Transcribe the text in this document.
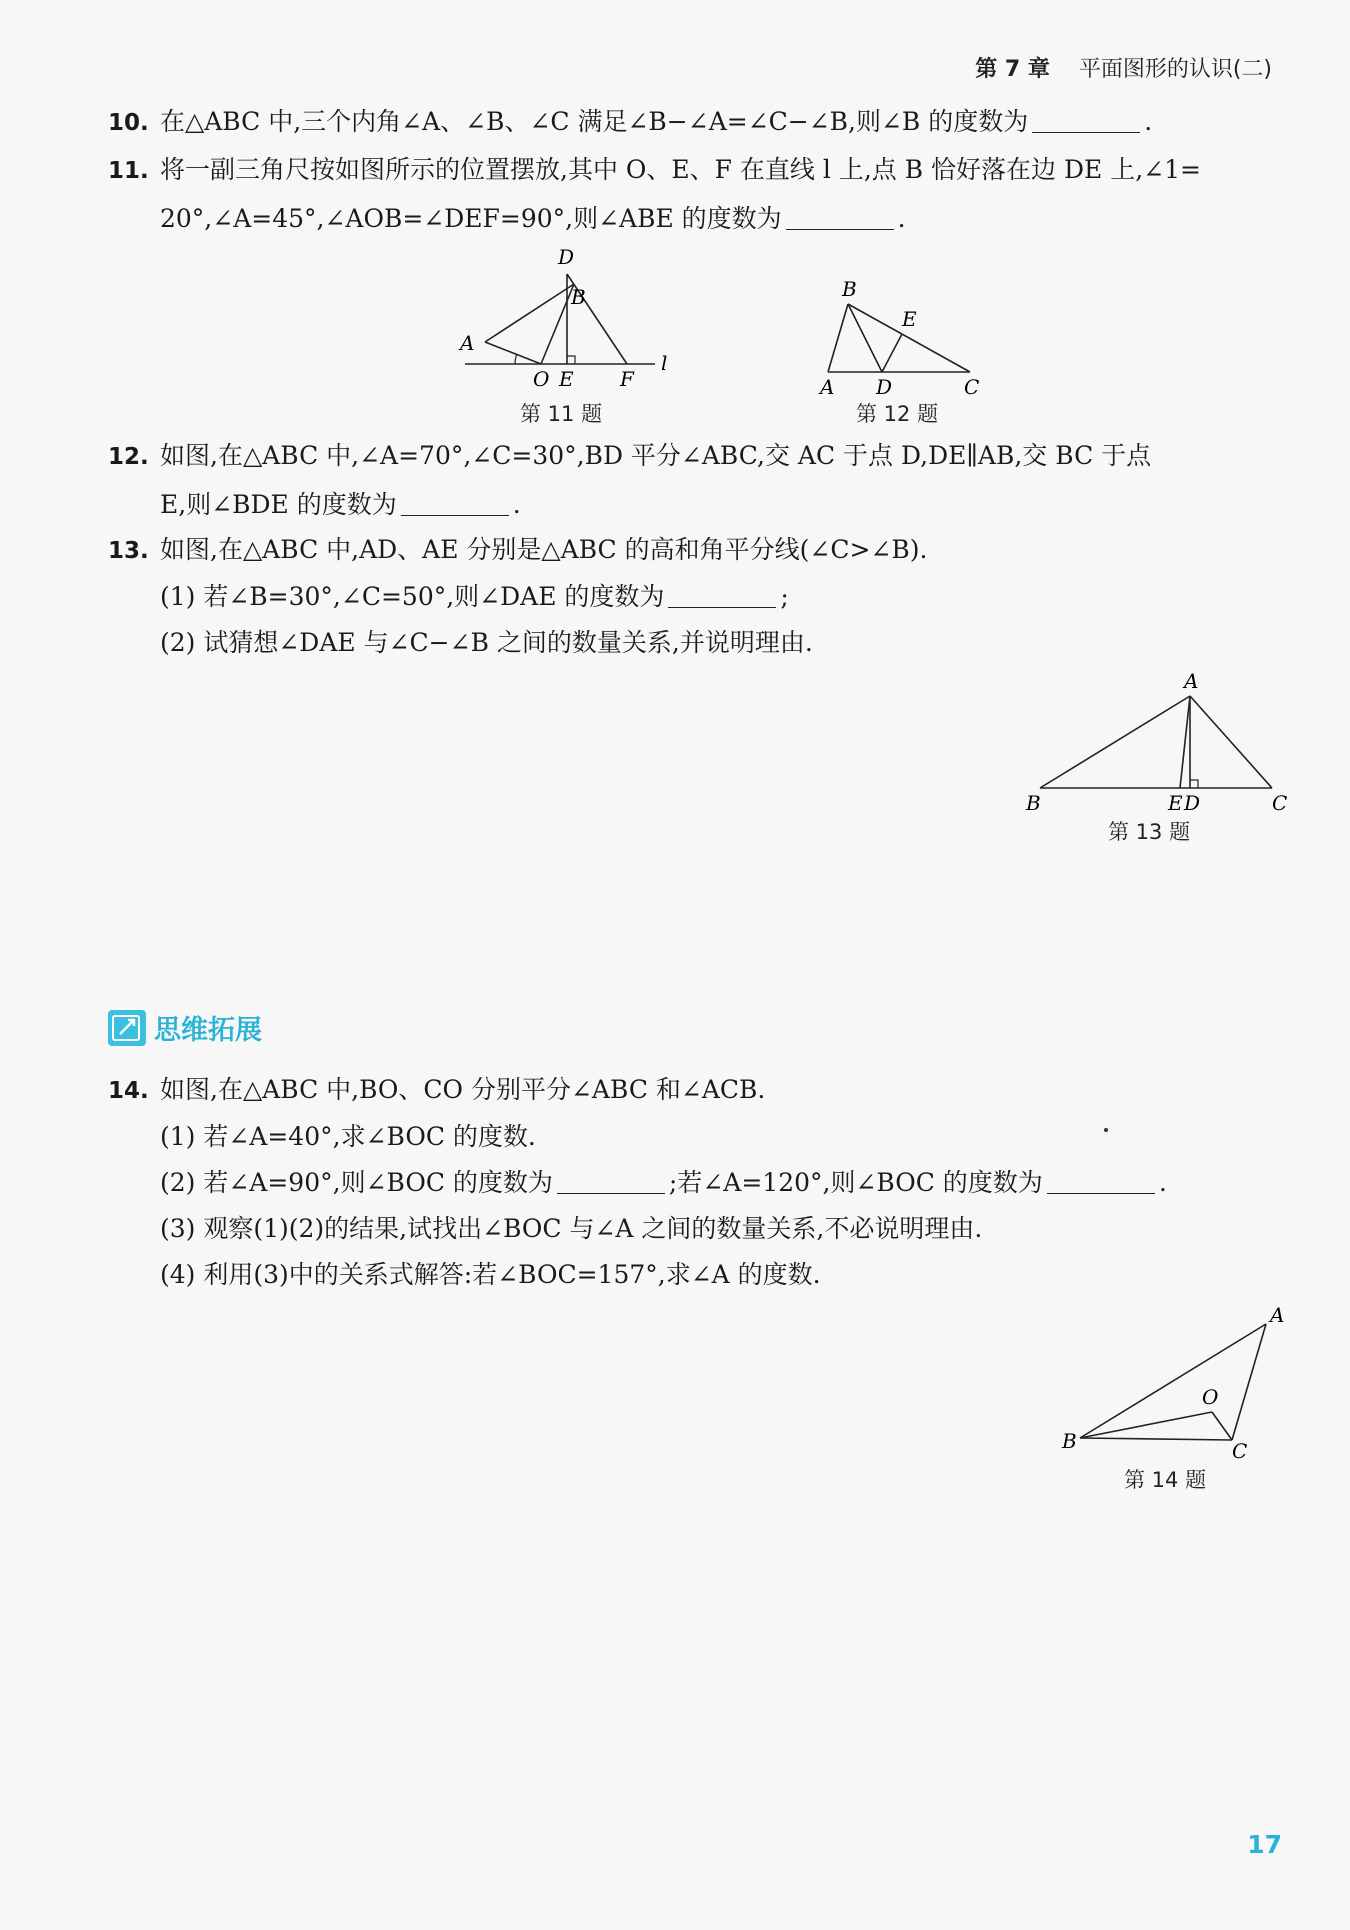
第 7 章 平面图形的认识(二)
10. 在△ABC 中,三个内角∠A、∠B、∠C 满足∠B−∠A=∠C−∠B,则∠B 的度数为	.
11. 将一副三角尺按如图所示的位置摆放,其中 O、E、F 在直线 l 上,点 B 恰好落在边 DE 上,∠1=
20°,∠A=45°,∠AOB=∠DEF=90°,则∠ABE 的度数为	.
D
B
A
O E F
l
第 11 题
B
E
A D	C
第 12 题
12. 如图,在△ABC 中,∠A=70°,∠C=30°,BD 平分∠ABC,交 AC 于点 D,DE∥AB,交 BC 于点
E,则∠BDE 的度数为	.
13. 如图,在△ABC 中,AD、AE 分别是△ABC 的高和角平分线(∠C>∠B).
(1) 若∠B=30°,∠C=50°,则∠DAE 的度数为	;
(2) 试猜想∠DAE 与∠C−∠B 之间的数量关系,并说明理由.
A
B	E D	C
第 13 题
思维拓展
14. 如图,在△ABC 中,BO、CO 分别平分∠ABC 和∠ACB.
(1) 若∠A=40°,求∠BOC 的度数.
(2) 若∠A=90°,则∠BOC 的度数为	;若∠A=120°,则∠BOC 的度数为	.
(3) 观察(1)(2)的结果,试找出∠BOC 与∠A 之间的数量关系,不必说明理由.
(4) 利用(3)中的关系式解答:若∠BOC=157°,求∠A 的度数.
A
O
B	C
第 14 题
17
